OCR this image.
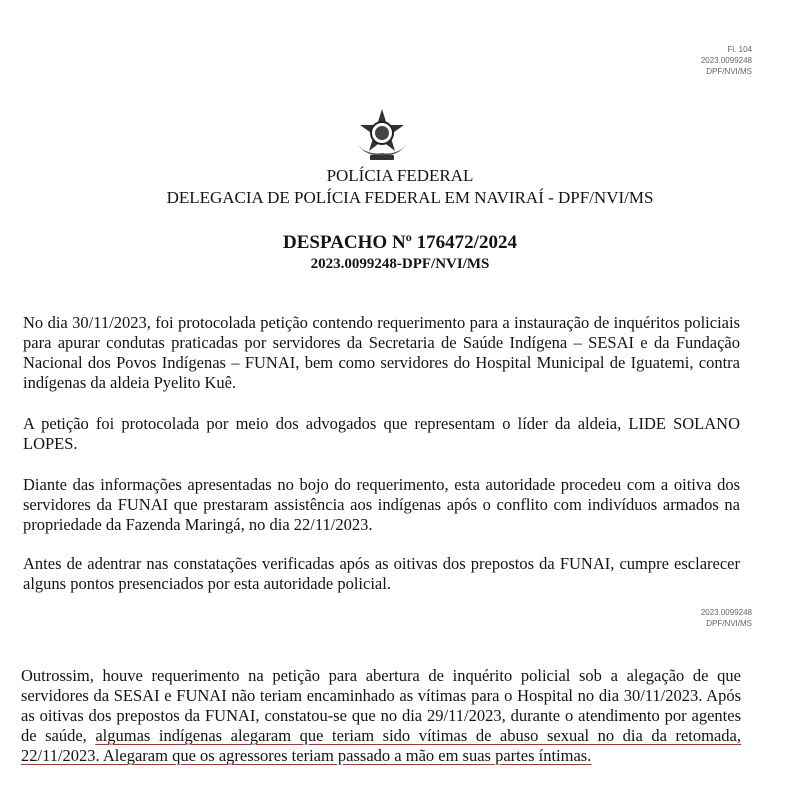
Fl. 104
2023.0099248
DPF/NVI/MS
POLÍCIA FEDERAL
DELEGACIA DE POLÍCIA FEDERAL EM NAVIRAÍ - DPF/NVI/MS
DESPACHO Nº 176472/2024
2023.0099248-DPF/NVI/MS

No dia 30/11/2023, foi protocolada petição contendo requerimento para a instauração de inquéritos policiais para apurar condutas praticadas por servidores da Secretaria de Saúde Indígena – SESAI e da Fundação Nacional dos Povos Indígenas – FUNAI, bem como servidores do Hospital Municipal de Iguatemi, contra indígenas da aldeia Pyelito Kuê.

A petição foi protocolada por meio dos advogados que representam o líder da aldeia, LIDE SOLANO LOPES.

Diante das informações apresentadas no bojo do requerimento, esta autoridade procedeu com a oitiva dos servidores da FUNAI que prestaram assistência aos indígenas após o conflito com indivíduos armados na propriedade da Fazenda Maringá, no dia 22/11/2023.

Antes de adentrar nas constatações verificadas após as oitivas dos prepostos da FUNAI, cumpre esclarecer alguns pontos presenciados por esta autoridade policial.

2023.0099248
DPF/NVI/MS

Outrossim, houve requerimento na petição para abertura de inquérito policial sob a alegação de que servidores da SESAI e FUNAI não teriam encaminhado as vítimas para o Hospital no dia 30/11/2023. Após as oitivas dos prepostos da FUNAI, constatou-se que no dia 29/11/2023, durante o atendimento por agentes de saúde, algumas indígenas alegaram que teriam sido vítimas de abuso sexual no dia da retomada, 22/11/2023. Alegaram que os agressores teriam passado a mão em suas partes íntimas.
